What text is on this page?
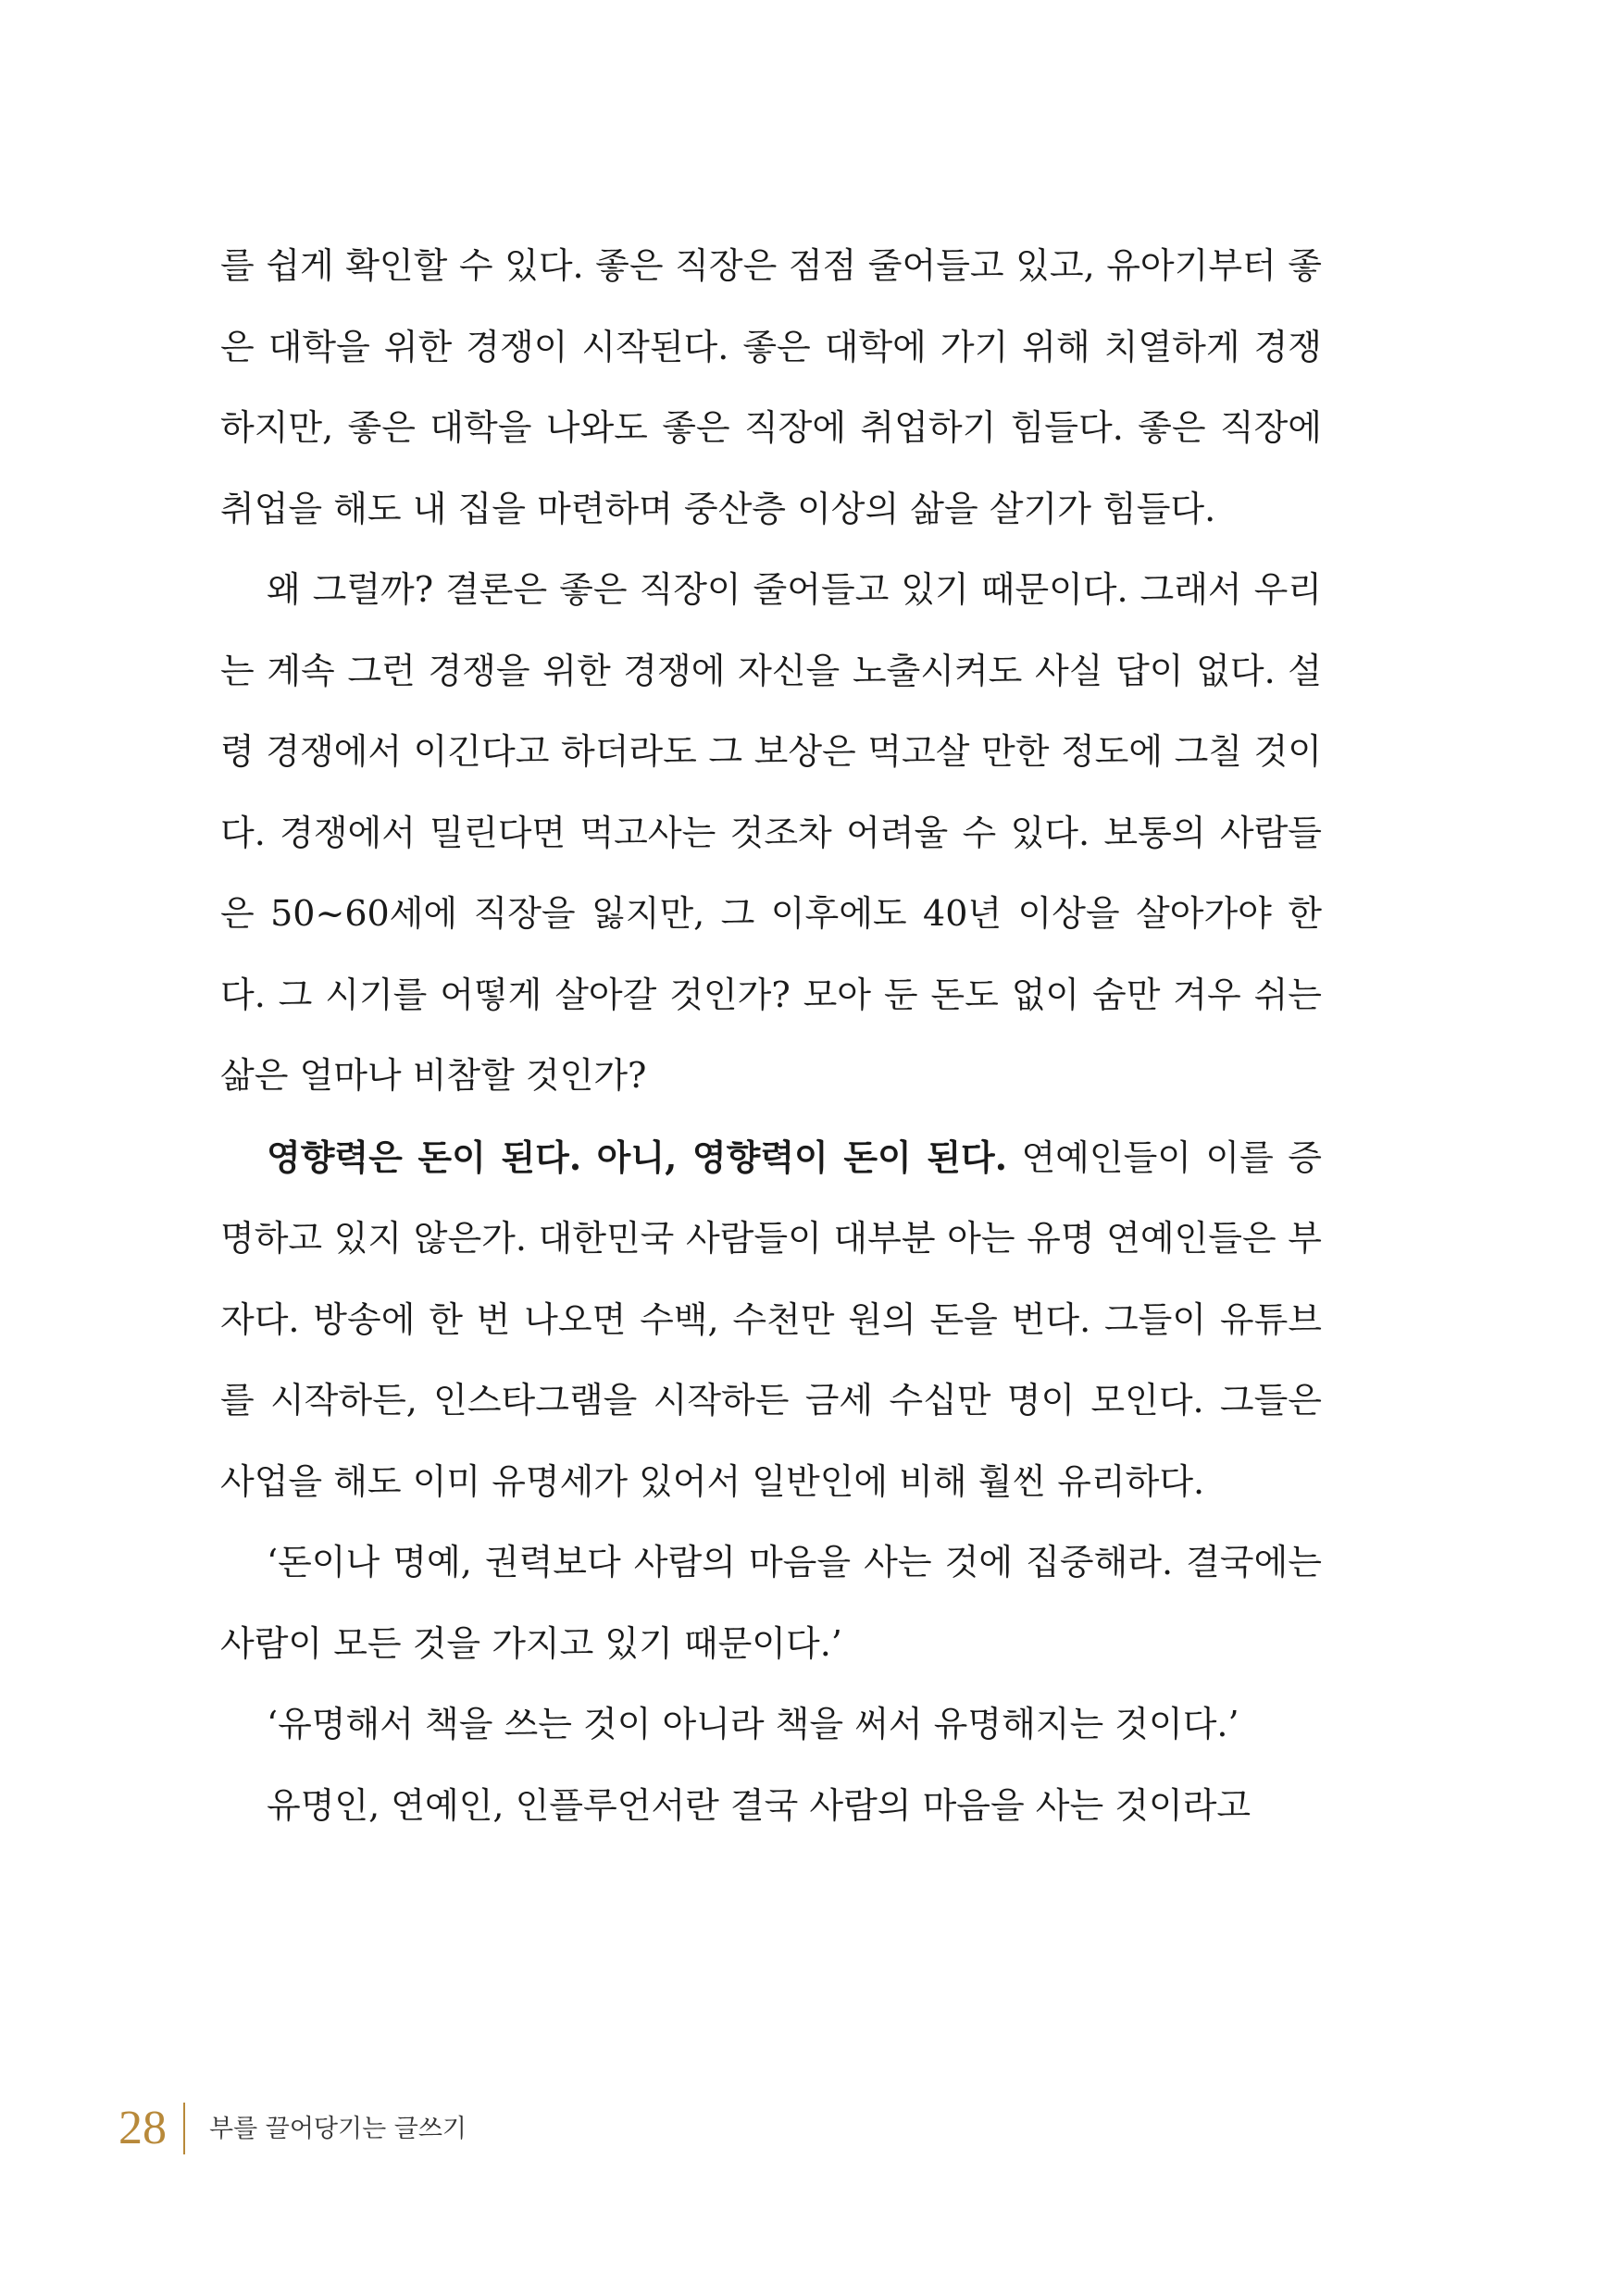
를 쉽게 확인할 수 있다. 좋은 직장은 점점 줄어들고 있고, 유아기부터 좋은 대학을 위한 경쟁이 시작된다. 좋은 대학에 가기 위해 치열하게 경쟁하지만, 좋은 대학을 나와도 좋은 직장에 취업하기 힘들다. 좋은 직장에 취업을 해도 내 집을 마련하며 중산층 이상의 삶을 살기가 힘들다.

왜 그럴까? 결론은 좋은 직장이 줄어들고 있기 때문이다. 그래서 우리는 계속 그런 경쟁을 위한 경쟁에 자신을 노출시켜도 사실 답이 없다. 설령 경쟁에서 이긴다고 하더라도 그 보상은 먹고살 만한 정도에 그칠 것이다. 경쟁에서 밀린다면 먹고사는 것조차 어려울 수 있다. 보통의 사람들은 50~60세에 직장을 잃지만, 그 이후에도 40년 이상을 살아가야 한다. 그 시기를 어떻게 살아갈 것인가? 모아 둔 돈도 없이 숨만 겨우 쉬는 삶은 얼마나 비참할 것인가?

영향력은 돈이 된다. 아니, 영향력이 돈이 된다. 연예인들이 이를 증명하고 있지 않은가. 대한민국 사람들이 대부분 아는 유명 연예인들은 부자다. 방송에 한 번 나오면 수백, 수천만 원의 돈을 번다. 그들이 유튜브를 시작하든, 인스타그램을 시작하든 금세 수십만 명이 모인다. 그들은 사업을 해도 이미 유명세가 있어서 일반인에 비해 훨씬 유리하다.

‘돈이나 명예, 권력보다 사람의 마음을 사는 것에 집중해라. 결국에는 사람이 모든 것을 가지고 있기 때문이다.’

‘유명해서 책을 쓰는 것이 아니라 책을 써서 유명해지는 것이다.’

유명인, 연예인, 인플루언서란 결국 사람의 마음을 사는 것이라고

28 부를 끌어당기는 글쓰기
